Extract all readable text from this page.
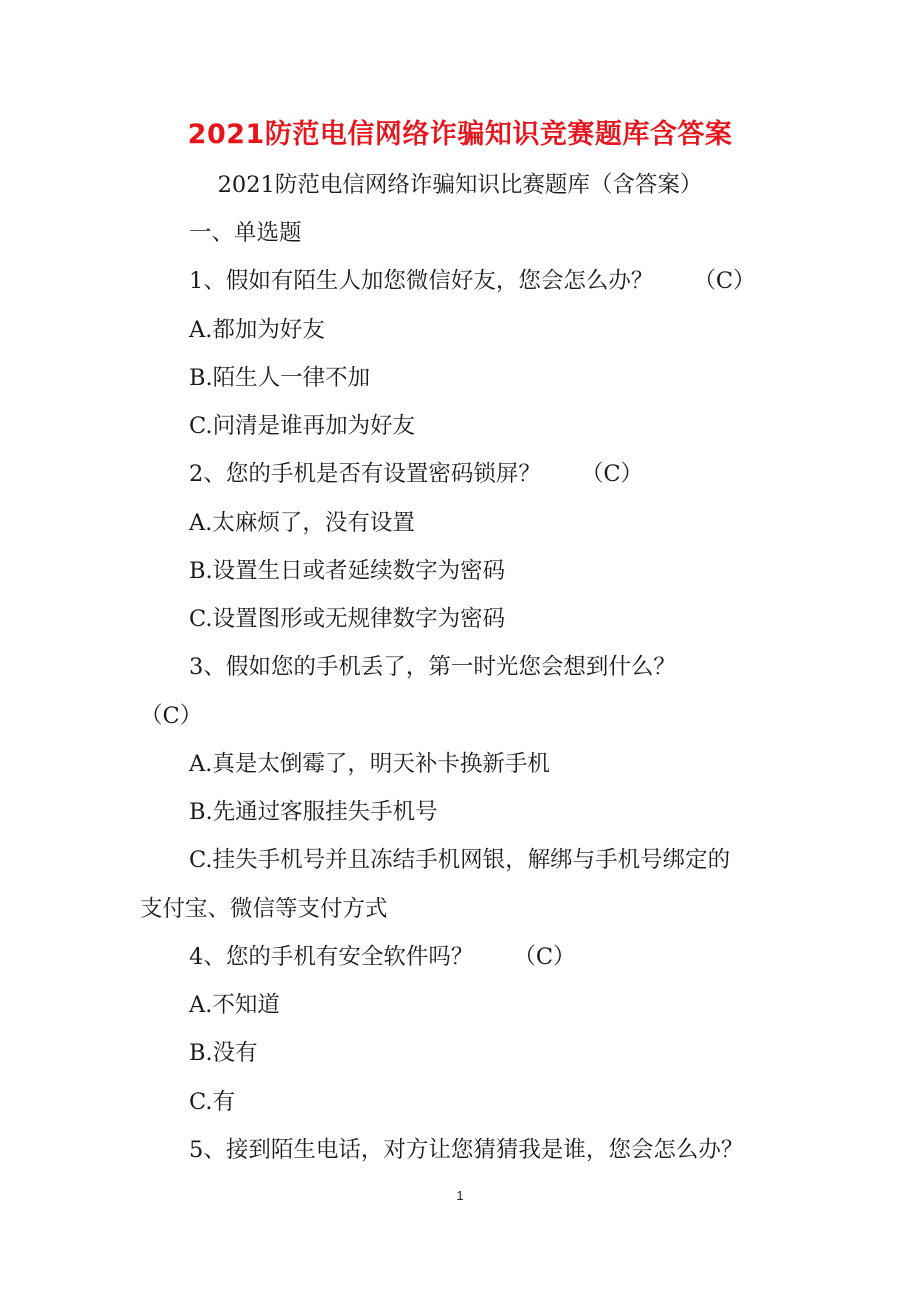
2021防范电信网络诈骗知识竞赛题库含答案
2021防范电信网络诈骗知识比赛题库（含答案）
一、单选题
1、假如有陌生人加您微信好友，您会怎么办？ （C）
A.都加为好友
B.陌生人一律不加
C.问清是谁再加为好友
2、您的手机是否有设置密码锁屏？ （C）
A.太麻烦了，没有设置
B.设置生日或者延续数字为密码
C.设置图形或无规律数字为密码
3、假如您的手机丢了，第一时光您会想到什么？
（C）
A.真是太倒霉了，明天补卡换新手机
B.先通过客服挂失手机号
C.挂失手机号并且冻结手机网银，解绑与手机号绑定的
支付宝、微信等支付方式
4、您的手机有安全软件吗？ （C）
A.不知道
B.没有
C.有
5、接到陌生电话，对方让您猜猜我是谁，您会怎么办？
1
